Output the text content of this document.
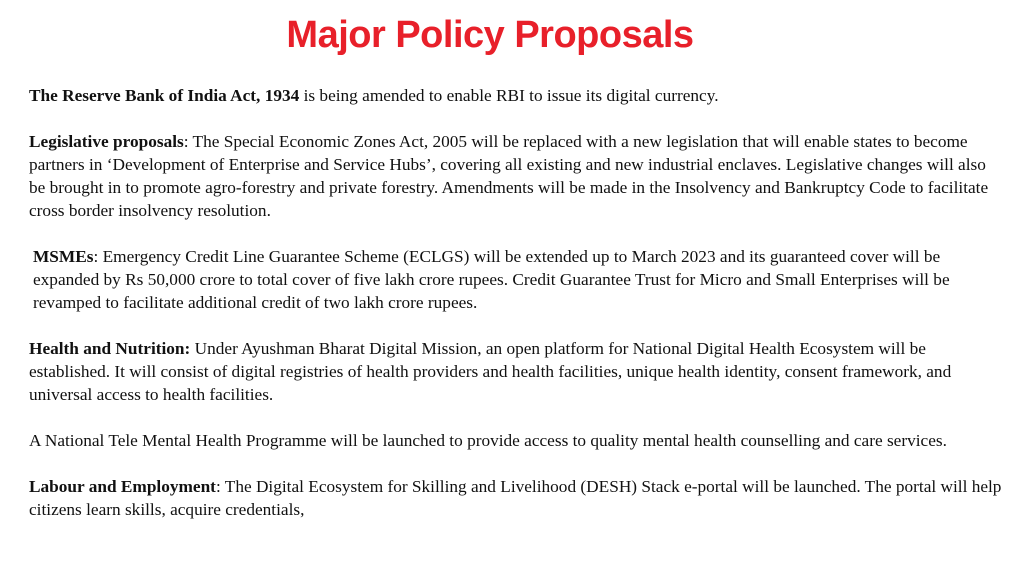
Major Policy Proposals

The Reserve Bank of India Act, 1934 is being amended to enable RBI to issue its digital currency.

Legislative proposals: The Special Economic Zones Act, 2005 will be replaced with a new legislation that will enable states to become partners in ‘Development of Enterprise and Service Hubs’, covering all existing and new industrial enclaves. Legislative changes will also be brought in to promote agro-forestry and private forestry. Amendments will be made in the Insolvency and Bankruptcy Code to facilitate cross border insolvency resolution.

MSMEs: Emergency Credit Line Guarantee Scheme (ECLGS) will be extended up to March 2023 and its guaranteed cover will be expanded by Rs 50,000 crore to total cover of five lakh crore rupees. Credit Guarantee Trust for Micro and Small Enterprises will be revamped to facilitate additional credit of two lakh crore rupees.

Health and Nutrition: Under Ayushman Bharat Digital Mission, an open platform for National Digital Health Ecosystem will be established. It will consist of digital registries of health providers and health facilities, unique health identity, consent framework, and universal access to health facilities.

A National Tele Mental Health Programme will be launched to provide access to quality mental health counselling and care services.

Labour and Employment: The Digital Ecosystem for Skilling and Livelihood (DESH) Stack e-portal will be launched. The portal will help citizens learn skills, acquire credentials,
